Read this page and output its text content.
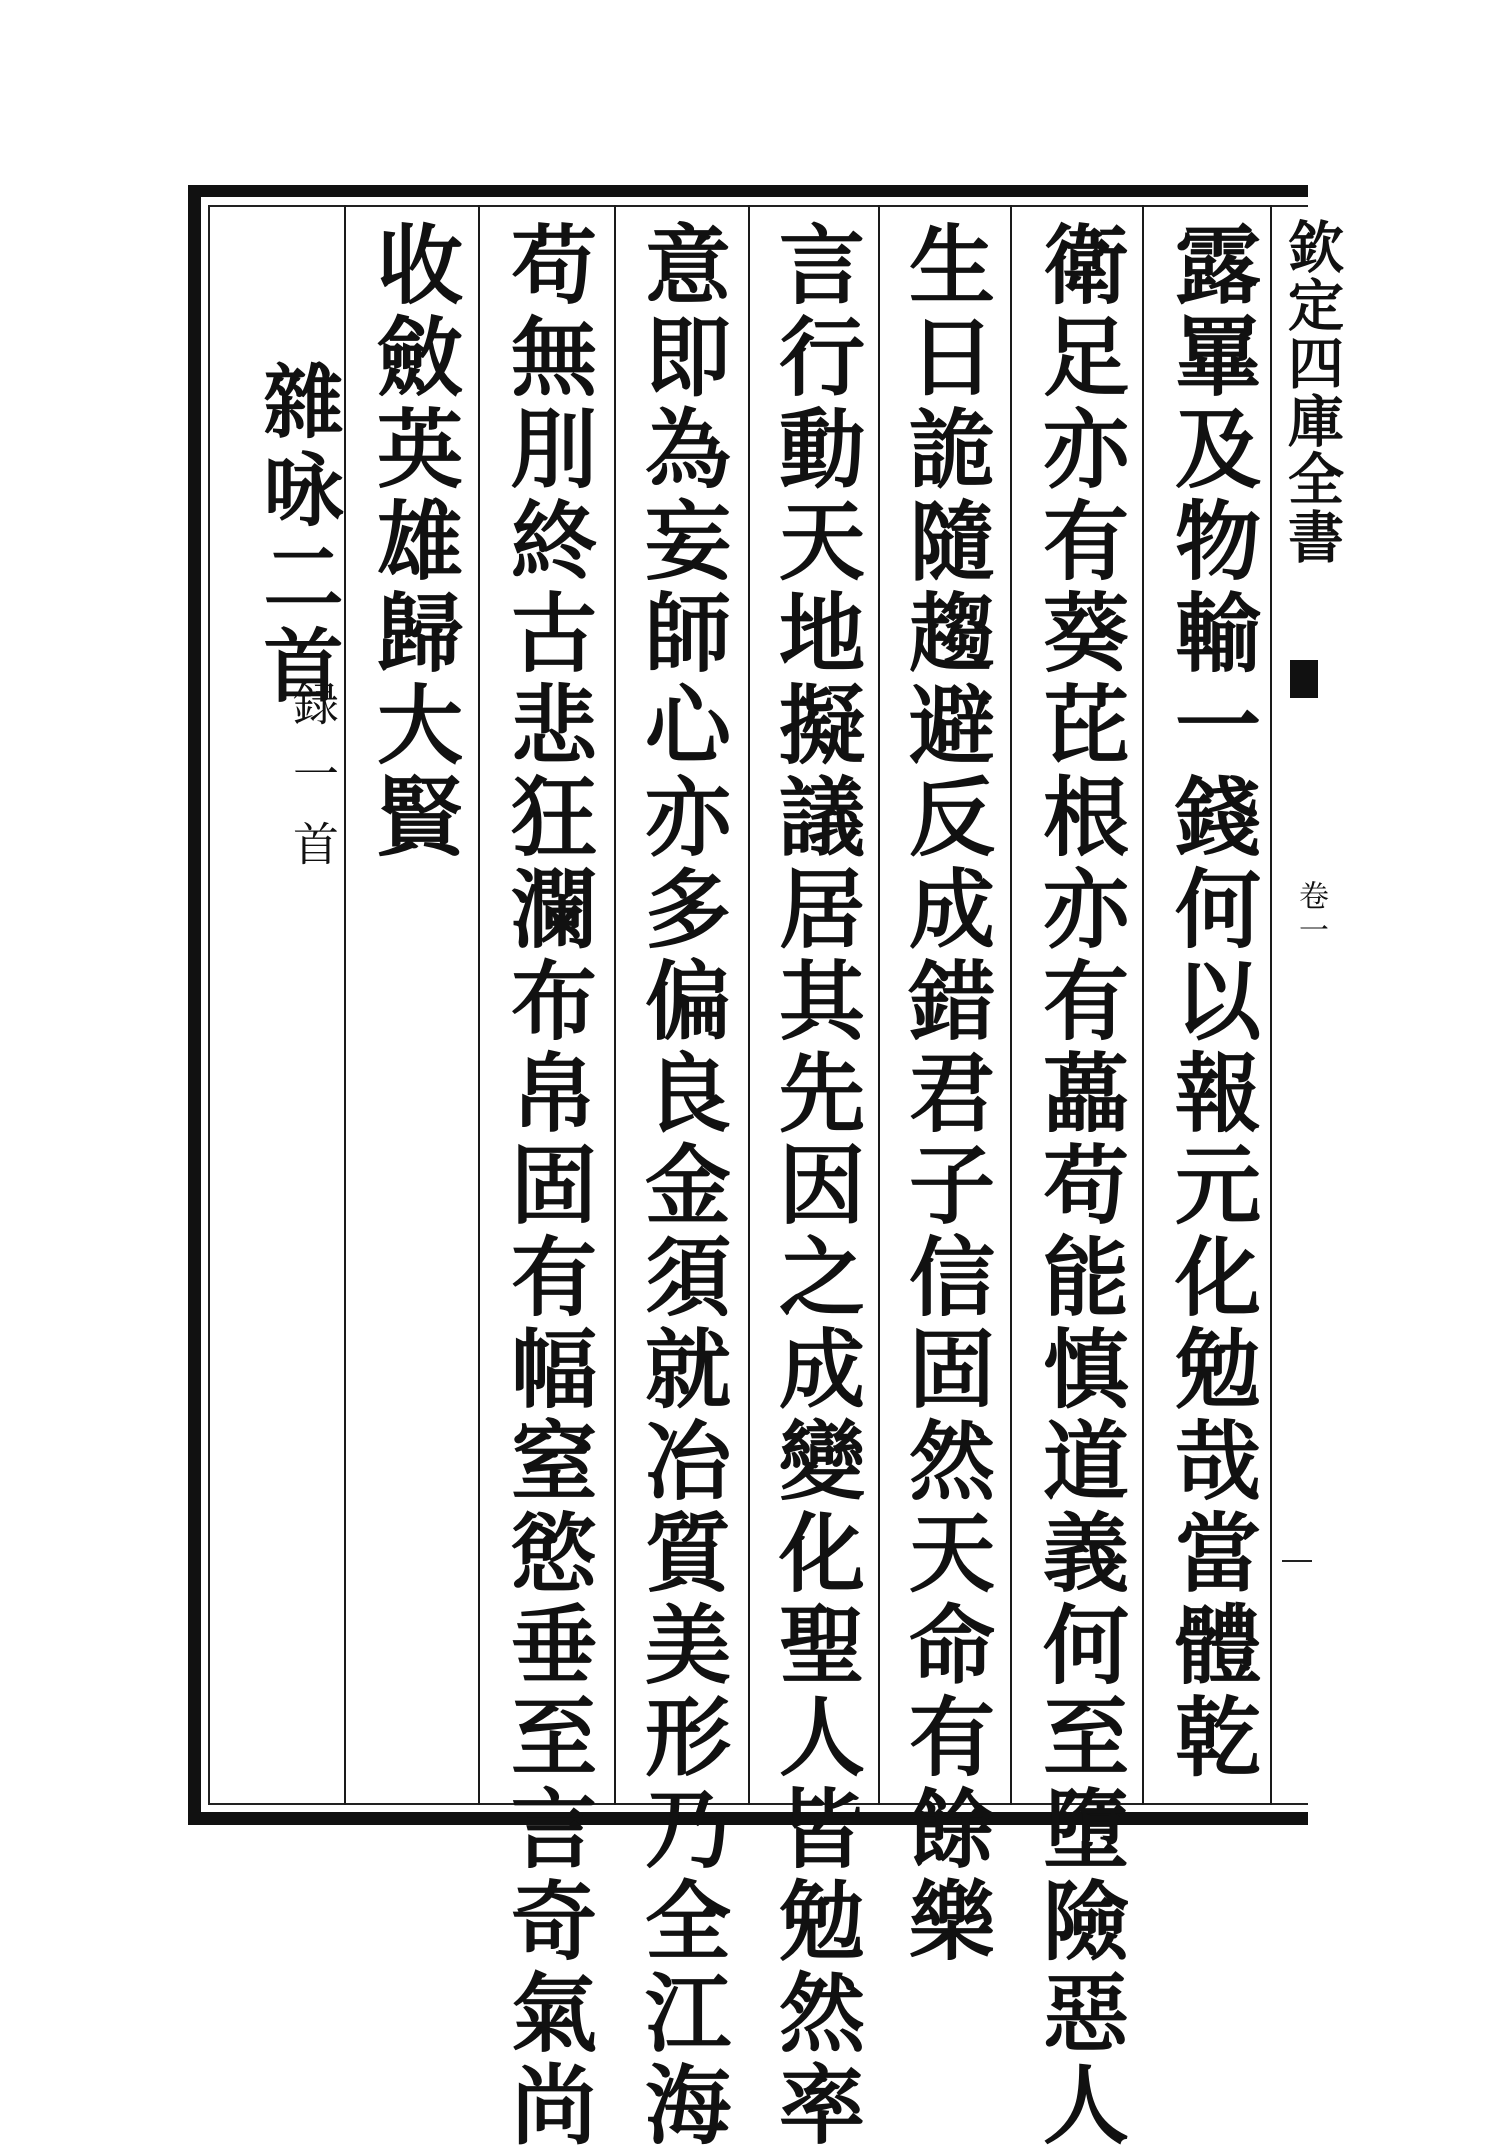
欽定四庫全書
卷一
露罼及物輸一錢何以報元化勉哉當體乾
衛足亦有葵芘根亦有藟苟能慎道義何至墮險惡人
生日詭隨趨避反成錯君子信固然天命有餘樂
言行動天地擬議居其先因之成變化聖人皆勉然率
意即為妄師心亦多偏良金須就冶質美形乃全江海
苟無刖終古悲狂瀾布帛固有幅窒慾垂至言奇氣尚
收斂英雄歸大賢
雜咏二首
録一首
